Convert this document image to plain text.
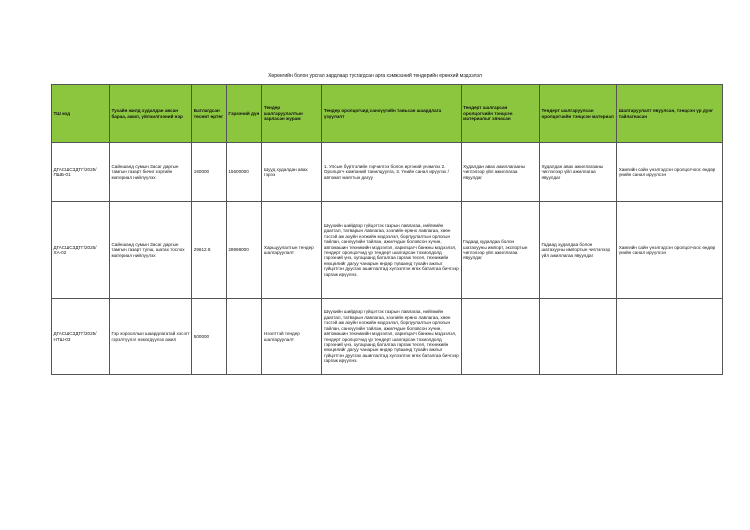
Хөрөнгийн болон урсгал зардлаар тусгагдсан арга хэмжээний тендерийн ерөнхий мэдээлэл
ТШ код	Тухайн жилд худалдан авсан бараа, ажил, үйлчилгээний нэр	Батлагдсан төсөвт өртөг	Гэрээний дүн	Тендер шалгаруулалтын зарласан журам	Тендер оролцогчид санхүүгийн тавьсан шаардлага үзүүлэлт	Тендерт шалгарсан оролцогчийн тэнцсэн материалыг хянасан	Тендерт шалгаруулсан оролцогчийн тэнцсэн материал	Шалгаруулалт явуулсан, тэнцсэн үр дүнг тайлагнасан
ДГАСШСЗДТГ/2025/ ПШБ-01	Сайншанд сумын Засаг даргын тамгын газарт бичиг хэргийн материал нийлүүлэх	160000	15600000	Шууд худалдан авах гэрээ	1. Улсын бүртгэлийн гэрчилгээ болон иргэний үнэмлэх 2. Оролцогч компаний танилцуулга, 3. Үнийн санал ирүүлэх / автомат маягтын дагуу	Худалдан авах ажиллагааны чиглэлээр үйл ажиллагаа явуулдаг	Худалдан авах ажиллагааны чиглэлээр үйл ажиллагаа явуулдаг	Хамгийн сайн үнэлгэдсэн оролцогчоос өндөр үнийн санал ирүүлсэн
ДГАСШСЗДТГ/2025/ ХА-02	Сайншанд сумын Засаг даргын тамгын газарт тулш, шатах тослох материал нийлүүлэх	29612.8	28998000	Харьцуулалтын тендер шалгаруулалт	Шүүхийн шийдвэр гүйцэтгэх газрын лавлагаа, нийгмийн даатгал, татварын лавлагаа, зээлийн ерөнх лавлагаа, хөөн тэсгэй аж ахуйн нэгжийн мэдээлэл, борлуулалтын орлогын тайлан, санхүүгийн тайлан, ажилчдын боловсон хүчин, автомашин техникийн мэдээлэл, харилцагч банкны мэдээлэл, тендерт оролцогчид үр тендерт шалгарсан тохиолдолд гэрээний үнэ, хугацаанд баталгаа гаргаж тесел, техникийн нөхцөлийг дагуу чанарын өндөр түвшинд тухайн ажлыг гүйцэтгэн дуусгах ашиглалтад хүлээлгэн өгөх баталгаа бичгээр гаргаж ирүүлнэ.	Гадаад худалдаа болон шатахууны импорт, экспортын чиглэлээр үйл ажиллагаа явуулдаг	Гадаад худалдаа болон шатахууны импортын чиглэлээр үйл ажиллагаа явуулдаг	Хамгийн сайн үнэлгэдсэн оролцогчоос өндөр үнийн санал ирүүлсэн
ДГАСШСЗДТГ/2025/ НТШ-03	Гэр хорооллын шаардлагатай хэсэгт гэрэлтүүлэг нэмэгдүүлэх ажил	500000		Нээлттэй тендер шалгаруулалт	Шүүхийн шийдвэр гүйцэтгэх газрын лавлагаа, нийгмийн даатгал, татварын лавлагаа, зээлийн ерөнх лавлагаа, хөөн тэсгэй аж ахуйн нэгжийн мэдээлэл, борлуулалтын орлогын тайлан, санхүүгийн тайлан, ажилчдын боловсон хүчин, автомашин техникийн мэдээлэл, харилцагч банкны мэдээлэл, тендерт оролцогчид үр тендерт шалгарсан тохиолдолд гэрээний үнэ, хугацаанд баталгаа гаргаж тесел, техникийн нөхцөлийг дагуу чанарын өндөр түвшинд тухайн ажлыг гүйцэтгэн дуусгах ашиглалтад хүлээлгэн өгөх баталгаа бичгээр гаргаж ирүүлнэ.			
